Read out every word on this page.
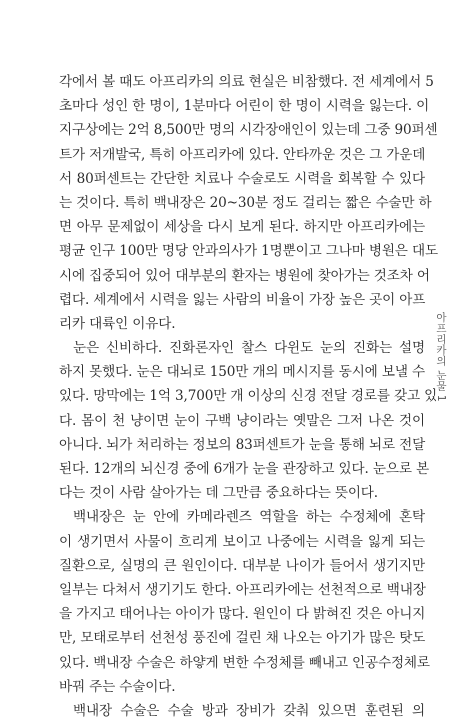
각에서 볼 때도 아프리카의 의료 현실은 비참했다. 전 세계에서 5
초마다 성인 한 명이, 1분마다 어린이 한 명이 시력을 잃는다. 이
지구상에는 2억 8,500만 명의 시각장애인이 있는데 그중 90퍼센
트가 저개발국, 특히 아프리카에 있다. 안타까운 것은 그 가운데
서 80퍼센트는 간단한 치료나 수술로도 시력을 회복할 수 있다
는 것이다. 특히 백내장은 20~30분 정도 걸리는 짧은 수술만 하
면 아무 문제없이 세상을 다시 보게 된다. 하지만 아프리카에는
평균 인구 100만 명당 안과의사가 1명뿐이고 그나마 병원은 대도
시에 집중되어 있어 대부분의 환자는 병원에 찾아가는 것조차 어
렵다. 세계에서 시력을 잃는 사람의 비율이 가장 높은 곳이 아프
리카 대륙인 이유다.
눈은 신비하다. 진화론자인 찰스 다윈도 눈의 진화는 설명
하지 못했다. 눈은 대뇌로 150만 개의 메시지를 동시에 보낼 수
있다. 망막에는 1억 3,700만 개 이상의 신경 전달 경로를 갖고 있
다. 몸이 천 냥이면 눈이 구백 냥이라는 옛말은 그저 나온 것이
아니다. 뇌가 처리하는 정보의 83퍼센트가 눈을 통해 뇌로 전달
된다. 12개의 뇌신경 중에 6개가 눈을 관장하고 있다. 눈으로 본
다는 것이 사람 살아가는 데 그만큼 중요하다는 뜻이다.
백내장은 눈 안에 카메라렌즈 역할을 하는 수정체에 혼탁
이 생기면서 사물이 흐리게 보이고 나중에는 시력을 잃게 되는
질환으로, 실명의 큰 원인이다. 대부분 나이가 들어서 생기지만
일부는 다쳐서 생기기도 한다. 아프리카에는 선천적으로 백내장
을 가지고 태어나는 아이가 많다. 원인이 다 밝혀진 것은 아니지
만, 모태로부터 선천성 풍진에 걸린 채 나오는 아기가 많은 탓도
있다. 백내장 수술은 하얗게 변한 수정체를 빼내고 인공수정체로
바꿔 주는 수술이다.
백내장 수술은 수술 방과 장비가 갖춰 있으면 훈련된 의
아프리카의 눈물 1
